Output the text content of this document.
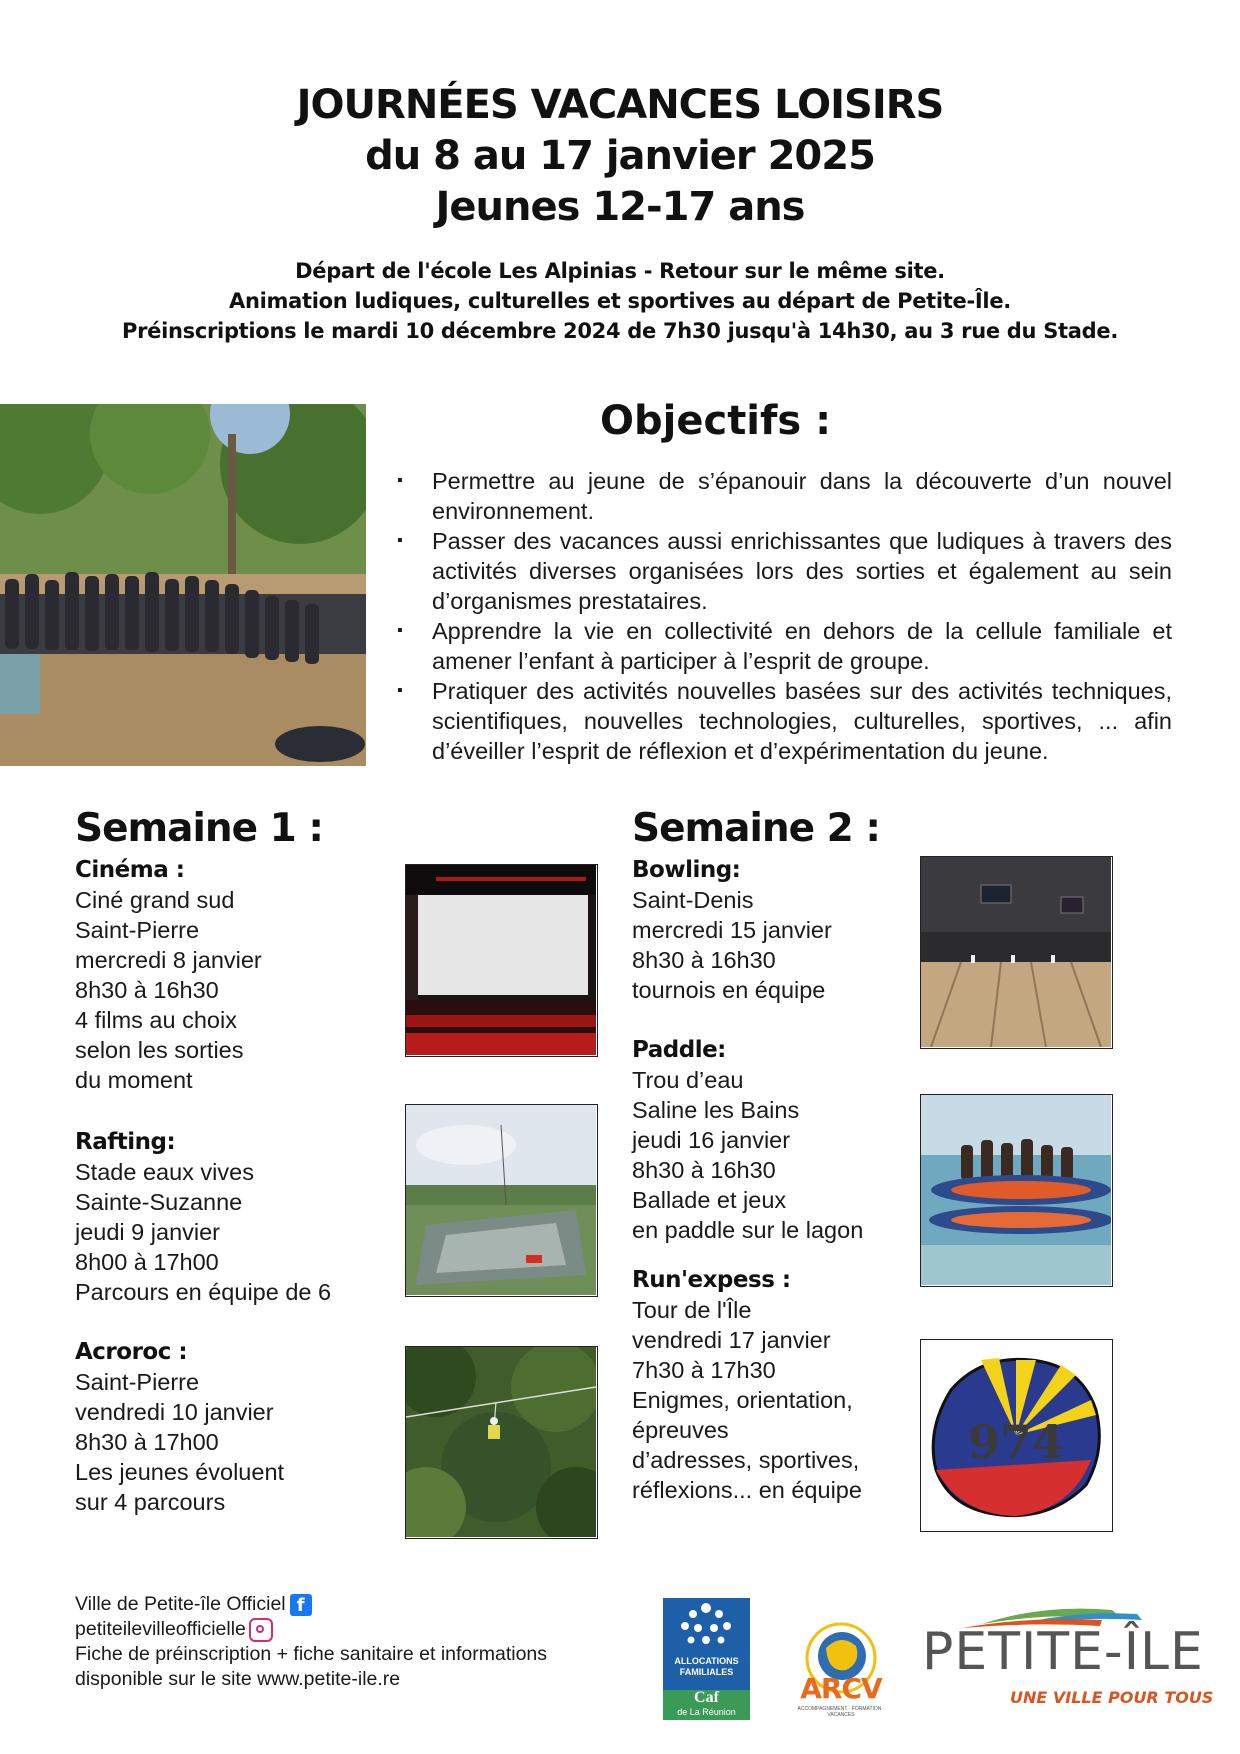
JOURNÉES VACANCES LOISIRS
du 8 au 17 janvier 2025
Jeunes 12-17 ans
Départ de l'école Les Alpinias - Retour sur le même site.
Animation ludiques, culturelles et sportives au départ de Petite-Île.
Préinscriptions le mardi 10 décembre 2024 de 7h30 jusqu'à 14h30, au 3 rue du Stade.
Objectifs :
▪ Permettre au jeune de s’épanouir dans la découverte d’un nouvel environnement.
▪ Passer des vacances aussi enrichissantes que ludiques à travers des activités diverses organisées lors des sorties et également au sein d’organismes prestataires.
▪ Apprendre la vie en collectivité en dehors de la cellule familiale et amener l’enfant à participer à l’esprit de groupe.
▪ Pratiquer des activités nouvelles basées sur des activités techniques, scientifiques, nouvelles technologies, culturelles, sportives, ... afin d’éveiller l’esprit de réflexion et d’expérimentation du jeune.
Semaine 1 :
Cinéma :
Ciné grand sud
Saint-Pierre
mercredi 8 janvier
8h30 à 16h30
4 films au choix
selon les sorties
du moment
Rafting:
Stade eaux vives
Sainte-Suzanne
jeudi 9 janvier
8h00 à 17h00
Parcours en équipe de 6
Acroroc :
Saint-Pierre
vendredi 10 janvier
8h30 à 17h00
Les jeunes évoluent
sur 4 parcours
Semaine 2 :
Bowling:
Saint-Denis
mercredi 15 janvier
8h30 à 16h30
tournois en équipe
Paddle:
Trou d’eau
Saline les Bains
jeudi 16 janvier
8h30 à 16h30
Ballade et jeux
en paddle sur le lagon
Run'expess :
Tour de l'Île
vendredi 17 janvier
7h30 à 17h30
Enigmes, orientation,
épreuves
d’adresses, sportives,
réflexions... en équipe
974
Ville de Petite-île Officiel f
petiteilevilleofficielle
Fiche de préinscription + fiche sanitaire et informations
disponible sur le site www.petite-ile.re
ALLOCATIONS
FAMILIALES
Caf
de La Réunion
ARCV
ACCOMPAGNEMENT · FORMATION · VACANCES
PETITE-ÎLE
UNE VILLE POUR TOUS
